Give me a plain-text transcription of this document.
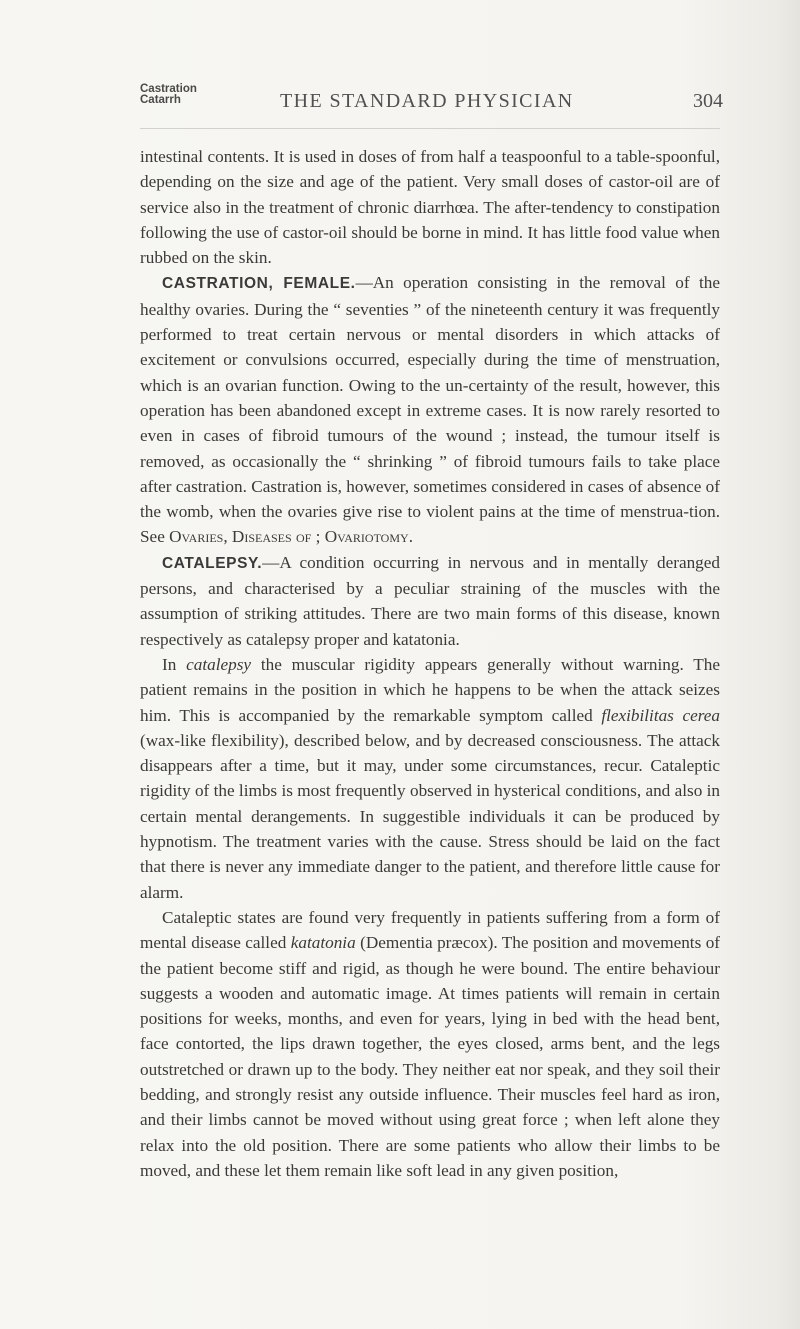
Castration
Catarrh	THE STANDARD PHYSICIAN	304

intestinal contents. It is used in doses of from half a teaspoonful to a table-spoonful, depending on the size and age of the patient. Very small doses of castor-oil are of service also in the treatment of chronic diarrhœa. The after-tendency to constipation following the use of castor-oil should be borne in mind. It has little food value when rubbed on the skin.

CASTRATION, FEMALE.—An operation consisting in the removal of the healthy ovaries. During the “ seventies ” of the nineteenth century it was frequently performed to treat certain nervous or mental disorders in which attacks of excitement or convulsions occurred, especially during the time of menstruation, which is an ovarian function. Owing to the un-certainty of the result, however, this operation has been abandoned except in extreme cases. It is now rarely resorted to even in cases of fibroid tumours of the wound ; instead, the tumour itself is removed, as occasionally the “ shrinking ” of fibroid tumours fails to take place after castration. Castration is, however, sometimes considered in cases of absence of the womb, when the ovaries give rise to violent pains at the time of menstrua-tion. See Ovaries, Diseases of ; Ovariotomy.

CATALEPSY.—A condition occurring in nervous and in mentally deranged persons, and characterised by a peculiar straining of the muscles with the assumption of striking attitudes. There are two main forms of this disease, known respectively as catalepsy proper and katatonia.

In catalepsy the muscular rigidity appears generally without warning. The patient remains in the position in which he happens to be when the attack seizes him. This is accompanied by the remarkable symptom called flexibilitas cerea (wax-like flexibility), described below, and by decreased consciousness. The attack disappears after a time, but it may, under some circumstances, recur. Cataleptic rigidity of the limbs is most frequently observed in hysterical conditions, and also in certain mental derangements. In suggestible individuals it can be produced by hypnotism. The treatment varies with the cause. Stress should be laid on the fact that there is never any immediate danger to the patient, and therefore little cause for alarm.

Cataleptic states are found very frequently in patients suffering from a form of mental disease called katatonia (Dementia præcox). The position and movements of the patient become stiff and rigid, as though he were bound. The entire behaviour suggests a wooden and automatic image. At times patients will remain in certain positions for weeks, months, and even for years, lying in bed with the head bent, face contorted, the lips drawn together, the eyes closed, arms bent, and the legs outstretched or drawn up to the body. They neither eat nor speak, and they soil their bedding, and strongly resist any outside influence. Their muscles feel hard as iron, and their limbs cannot be moved without using great force ; when left alone they relax into the old position. There are some patients who allow their limbs to be moved, and these let them remain like soft lead in any given position,
